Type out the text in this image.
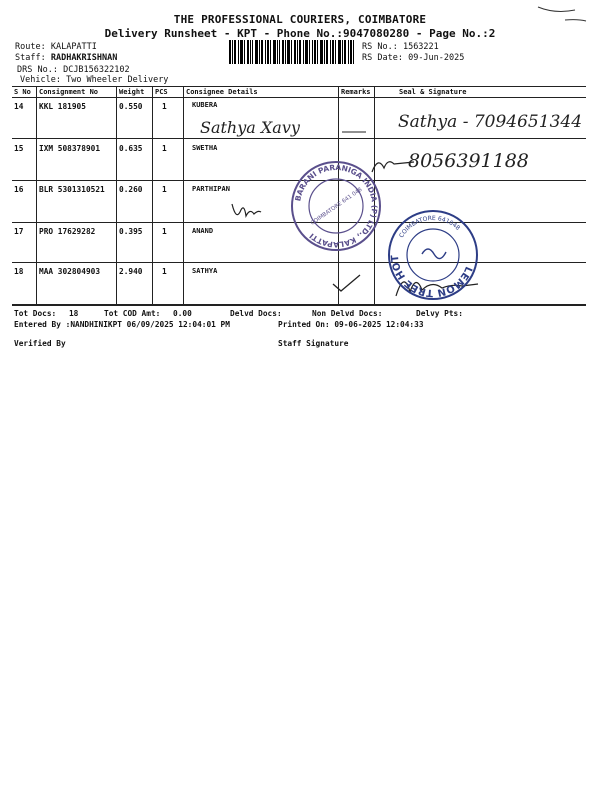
THE PROFESSIONAL COURIERS, COIMBATORE
Delivery Runsheet - KPT - Phone No.:9047080280 - Page No.:2
Route: KALAPATTI
Staff: RADHAKRISHNAN
DRS No.: DCJB156322102
Vehicle: Two Wheeler Delivery
RS No.: 1563221
RS Date: 09-Jun-2025
S No Consignment No	Weight PCS	Consignee Details	Remarks	Seal & Signature
14 KKL 181905	0.550	1	KUBERA
15 IXM 508378901 0.635	1	SWETHA
16 BLR 5301310521 0.260	1	PARTHIPAN
17 PRO 17629282	0.395	1	ANAND
18 MAA 302804903 2.940	1	SATHYA
Sathya Xavy	Sathya - 7094651344
8056391188
BARANI PARANIGA INDIA (P) LTD., KALAPATTI
COIMBATORE 641 048
LEMON TREE HOT
COIMBATORE 641048
Tot Docs: 18	Tot COD Amt: 0.00	Delvd Docs:	Non Delvd Docs:	Delvy Pts:
Entered By :NANDHINIKPT 06/09/2025 12:04:01 PM	Printed On: 09-06-2025 12:04:33
Verified By	Staff Signature
